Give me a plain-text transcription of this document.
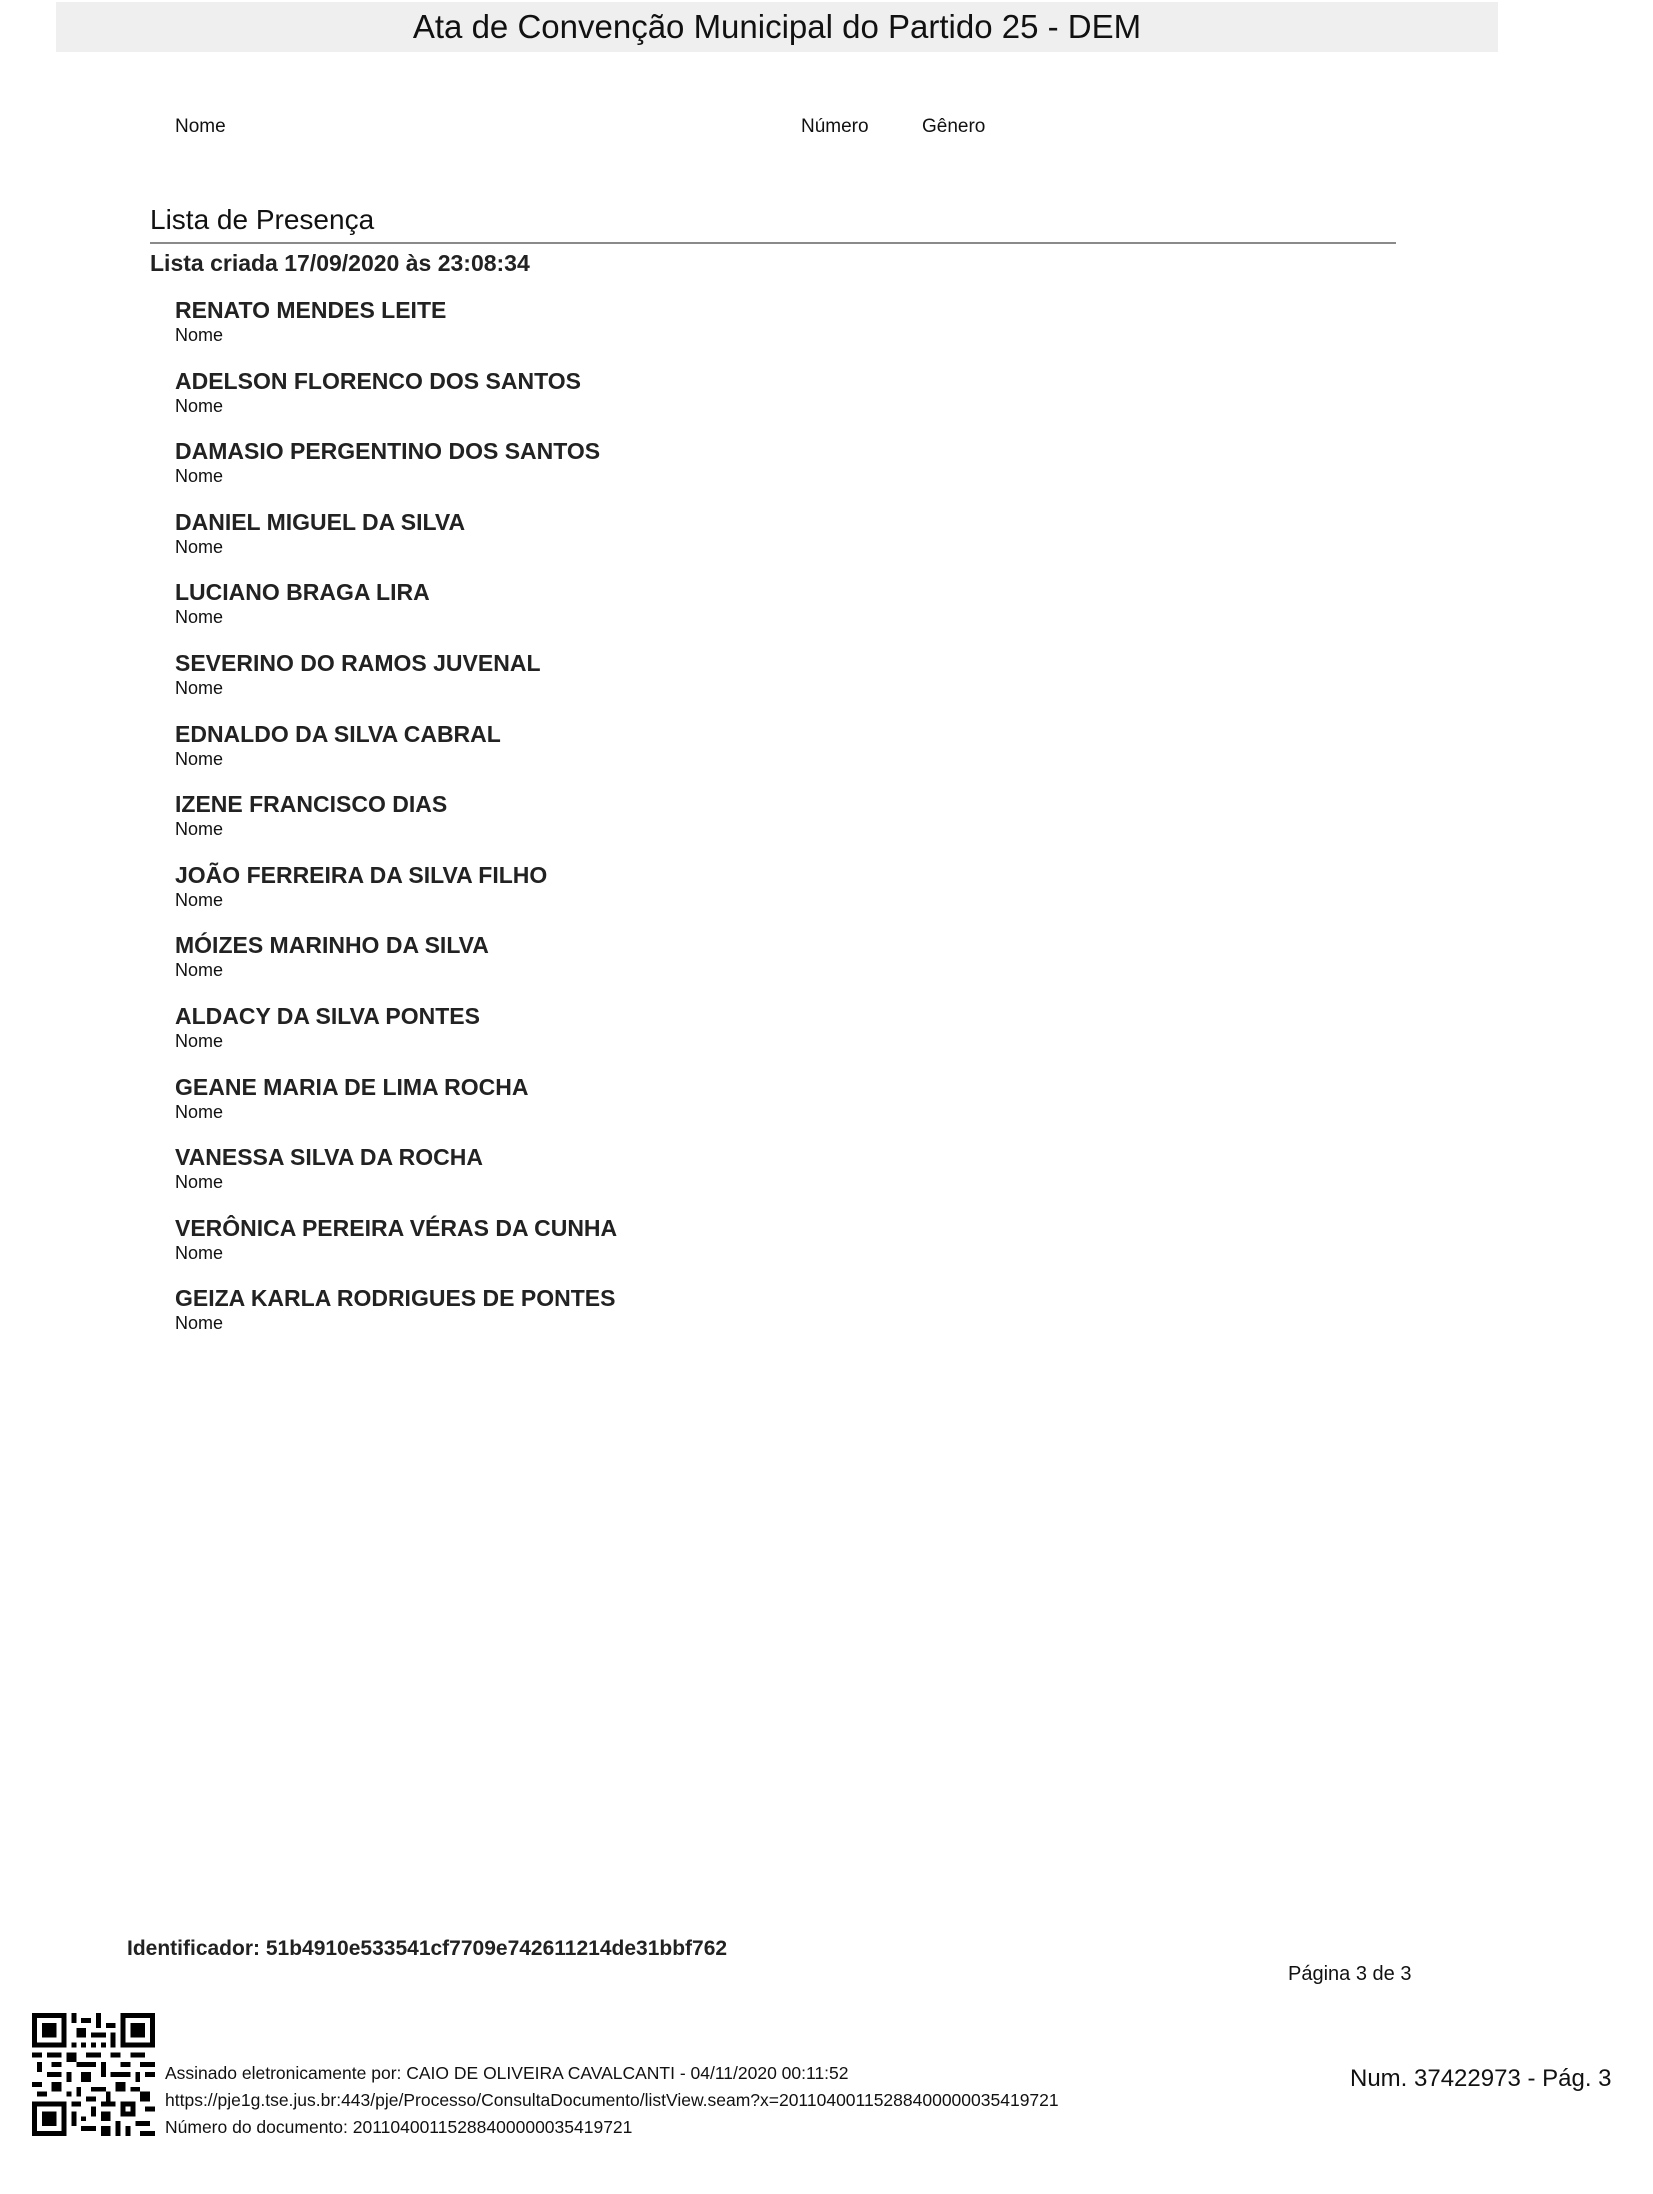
Ata de Convenção Municipal do Partido 25 - DEM
Nome	Número	Gênero
Lista de Presença
Lista criada 17/09/2020 às 23:08:34
RENATO MENDES LEITE
Nome
ADELSON FLORENCO DOS SANTOS
Nome
DAMASIO PERGENTINO DOS SANTOS
Nome
DANIEL MIGUEL DA SILVA
Nome
LUCIANO BRAGA LIRA
Nome
SEVERINO DO RAMOS JUVENAL
Nome
EDNALDO DA SILVA CABRAL
Nome
IZENE FRANCISCO DIAS
Nome
JOÃO FERREIRA DA SILVA FILHO
Nome
MÓIZES MARINHO DA SILVA
Nome
ALDACY DA SILVA PONTES
Nome
GEANE MARIA DE LIMA ROCHA
Nome
VANESSA SILVA DA ROCHA
Nome
VERÔNICA PEREIRA VÉRAS DA CUNHA
Nome
GEIZA KARLA RODRIGUES DE PONTES
Nome
Identificador: 51b4910e533541cf7709e742611214de31bbf762
Página 3 de 3
Assinado eletronicamente por: CAIO DE OLIVEIRA CAVALCANTI - 04/11/2020 00:11:52
https://pje1g.tse.jus.br:443/pje/Processo/ConsultaDocumento/listView.seam?x=20110400115288400000035419721
Número do documento: 20110400115288400000035419721
Num. 37422973 - Pág. 3
